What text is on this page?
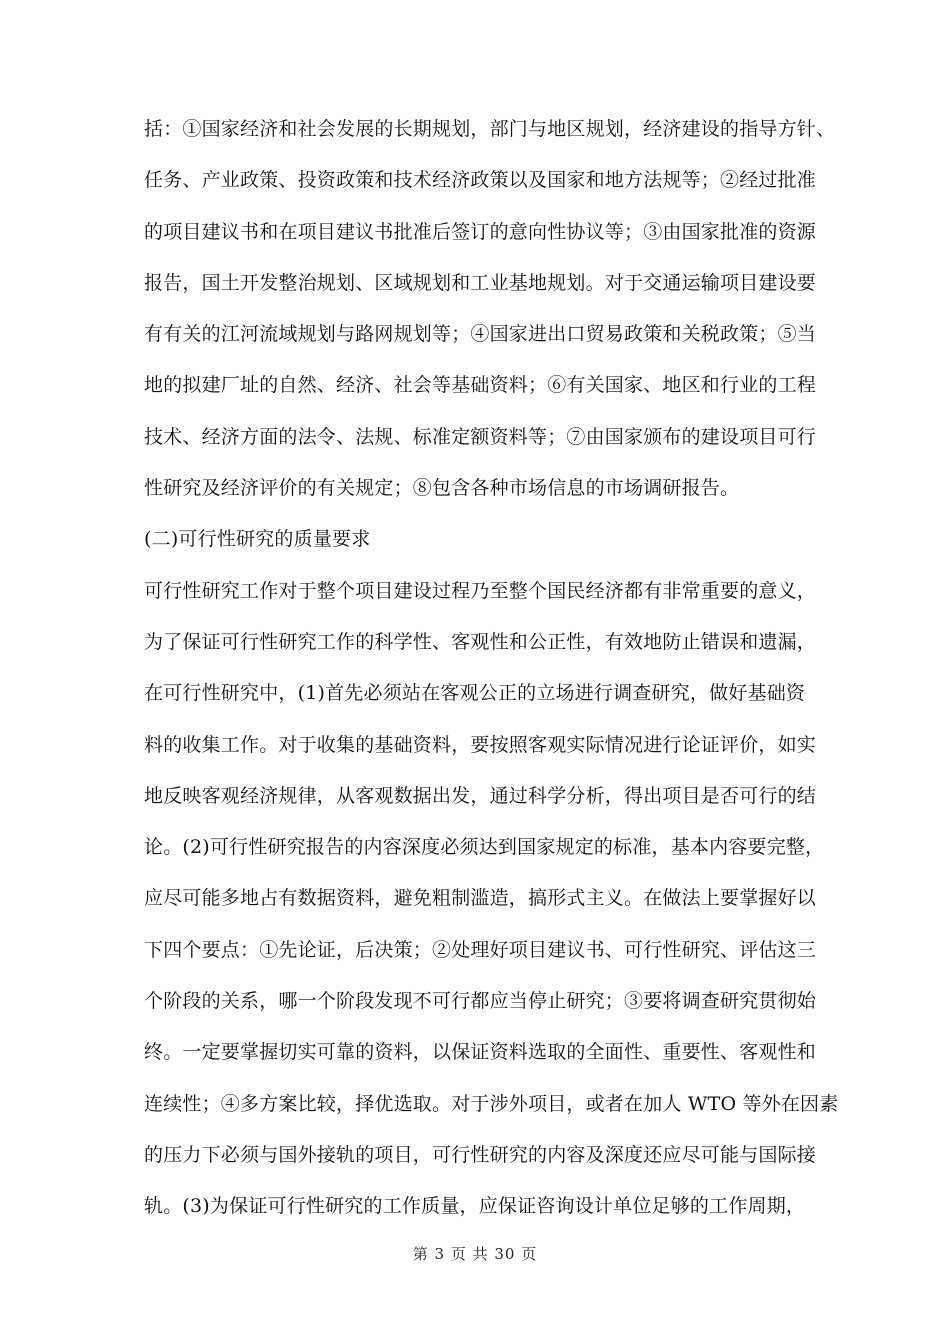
括：①国家经济和社会发展的长期规划，部门与地区规划，经济建设的指导方针、
任务、产业政策、投资政策和技术经济政策以及国家和地方法规等；②经过批准
的项目建议书和在项目建议书批准后签订的意向性协议等；③由国家批准的资源
报告，国土开发整治规划、区域规划和工业基地规划。对于交通运输项目建设要
有有关的江河流域规划与路网规划等；④国家进出口贸易政策和关税政策；⑤当
地的拟建厂址的自然、经济、社会等基础资料；⑥有关国家、地区和行业的工程
技术、经济方面的法令、法规、标准定额资料等；⑦由国家颁布的建设项目可行
性研究及经济评价的有关规定；⑧包含各种市场信息的市场调研报告。
(二)可行性研究的质量要求
可行性研究工作对于整个项目建设过程乃至整个国民经济都有非常重要的意义，
为了保证可行性研究工作的科学性、客观性和公正性，有效地防止错误和遗漏，
在可行性研究中，(1)首先必须站在客观公正的立场进行调查研究，做好基础资
料的收集工作。对于收集的基础资料，要按照客观实际情况进行论证评价，如实
地反映客观经济规律，从客观数据出发，通过科学分析，得出项目是否可行的结
论。(2)可行性研究报告的内容深度必须达到国家规定的标准，基本内容要完整，
应尽可能多地占有数据资料，避免粗制滥造，搞形式主义。在做法上要掌握好以
下四个要点：①先论证，后决策；②处理好项目建议书、可行性研究、评估这三
个阶段的关系，哪一个阶段发现不可行都应当停止研究；③要将调查研究贯彻始
终。一定要掌握切实可靠的资料，以保证资料选取的全面性、重要性、客观性和
连续性；④多方案比较，择优选取。对于涉外项目，或者在加人 WTO 等外在因素
的压力下必须与国外接轨的项目，可行性研究的内容及深度还应尽可能与国际接
轨。(3)为保证可行性研究的工作质量，应保证咨询设计单位足够的工作周期，
第 3 页 共 30 页
